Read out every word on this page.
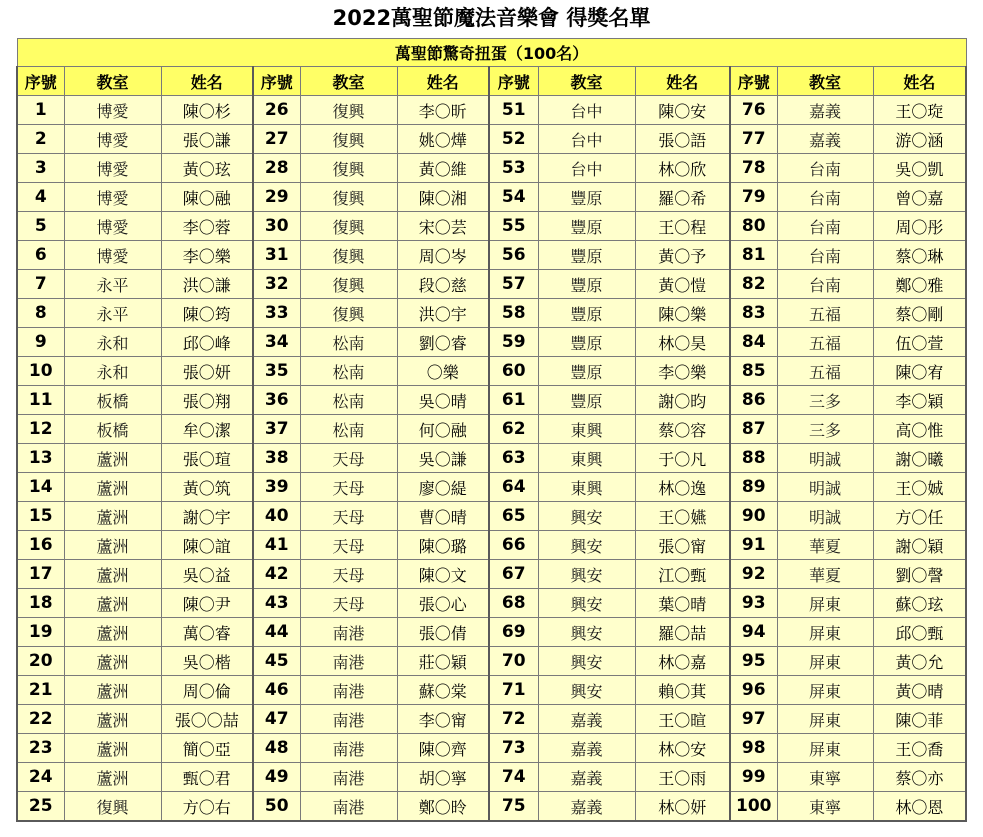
2022萬聖節魔法音樂會 得獎名單
萬聖節驚奇扭蛋（100名）											
序號	教室	姓名	序號	教室	姓名	序號	教室	姓名	序號	教室	姓名
1	博愛	陳〇杉	26	復興	李〇昕	51	台中	陳〇安	76	嘉義	王〇琁
2	博愛	張〇謙	27	復興	姚〇燁	52	台中	張〇語	77	嘉義	游〇涵
3	博愛	黃〇玹	28	復興	黃〇維	53	台中	林〇欣	78	台南	吳〇凱
4	博愛	陳〇融	29	復興	陳〇湘	54	豐原	羅〇希	79	台南	曾〇嘉
5	博愛	李〇蓉	30	復興	宋〇芸	55	豐原	王〇程	80	台南	周〇彤
6	博愛	李〇樂	31	復興	周〇岑	56	豐原	黃〇予	81	台南	蔡〇琳
7	永平	洪〇謙	32	復興	段〇慈	57	豐原	黃〇愷	82	台南	鄭〇雅
8	永平	陳〇筠	33	復興	洪〇宇	58	豐原	陳〇樂	83	五福	蔡〇剛
9	永和	邱〇峰	34	松南	劉〇睿	59	豐原	林〇昊	84	五福	伍〇萱
10	永和	張〇妍	35	松南	〇樂	60	豐原	李〇樂	85	五福	陳〇宥
11	板橋	張〇翔	36	松南	吳〇晴	61	豐原	謝〇昀	86	三多	李〇穎
12	板橋	牟〇潔	37	松南	何〇融	62	東興	蔡〇容	87	三多	高〇惟
13	蘆洲	張〇瑄	38	天母	吳〇謙	63	東興	于〇凡	88	明誠	謝〇曦
14	蘆洲	黃〇筑	39	天母	廖〇緹	64	東興	林〇逸	89	明誠	王〇娍
15	蘆洲	謝〇宇	40	天母	曹〇晴	65	興安	王〇嬿	90	明誠	方〇任
16	蘆洲	陳〇誼	41	天母	陳〇璐	66	興安	張〇甯	91	華夏	謝〇穎
17	蘆洲	吳〇益	42	天母	陳〇文	67	興安	江〇甄	92	華夏	劉〇謦
18	蘆洲	陳〇尹	43	天母	張〇心	68	興安	葉〇晴	93	屏東	蘇〇玹
19	蘆洲	萬〇睿	44	南港	張〇倩	69	興安	羅〇喆	94	屏東	邱〇甄
20	蘆洲	吳〇楷	45	南港	莊〇穎	70	興安	林〇嘉	95	屏東	黃〇允
21	蘆洲	周〇倫	46	南港	蘇〇棠	71	興安	賴〇萁	96	屏東	黃〇晴
22	蘆洲	張〇〇喆	47	南港	李〇甯	72	嘉義	王〇暄	97	屏東	陳〇菲
23	蘆洲	簡〇亞	48	南港	陳〇齊	73	嘉義	林〇安	98	屏東	王〇喬
24	蘆洲	甄〇君	49	南港	胡〇寧	74	嘉義	王〇雨	99	東寧	蔡〇亦
25	復興	方〇右	50	南港	鄭〇昤	75	嘉義	林〇妍	100	東寧	林〇恩
